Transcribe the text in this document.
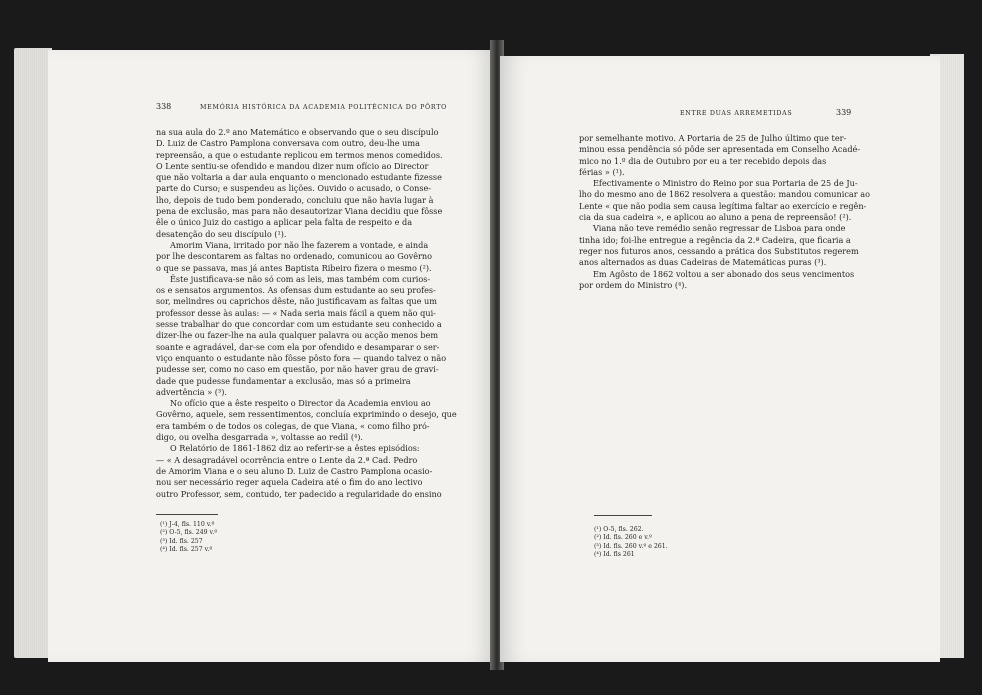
338	MEMÓRIA HISTÓRICA DA ACADEMIA POLITÉCNICA DO PÔRTO
na sua aula do 2.º ano Matemático e observando que o seu discípulo
D. Luiz de Castro Pamplona conversava com outro, deu-lhe uma
repreensão, a que o estudante replicou em termos menos comedidos.
O Lente sentiu-se ofendido e mandou dizer num ofício ao Director
que não voltaria a dar aula enquanto o mencionado estudante fizesse
parte do Curso; e suspendeu as lições. Ouvido o acusado, o Conse-
lho, depois de tudo bem ponderado, concluiu que não havia lugar à
pena de exclusão, mas para não desautorizar Viana decidiu que fôsse
êle o único Juiz do castigo a aplicar pela falta de respeito e da
desatenção do seu discípulo (¹).
Amorim Viana, irritado por não lhe fazerem a vontade, e ainda
por lhe descontarem as faltas no ordenado, comunicou ao Govêrno
o que se passava, mas já antes Baptista Ribeiro fizera o mesmo (²).
Êste justificava-se não só com as leis, mas também com curios-
os e sensatos argumentos. As ofensas dum estudante ao seu profes-
sor, melindres ou caprichos dêste, não justificavam as faltas que um
professor desse às aulas: — « Nada seria mais fácil a quem não qui-
sesse trabalhar do que concordar com um estudante seu conhecido a
dizer-lhe ou fazer-lhe na aula qualquer palavra ou acção menos bem
soante e agradável, dar-se com ela por ofendido e desamparar o ser-
viço enquanto o estudante não fôsse pôsto fora — quando talvez o não
pudesse ser, como no caso em questão, por não haver grau de gravi-
dade que pudesse fundamentar a exclusão, mas só a primeira
advertência » (³).
No ofício que a êste respeito o Director da Academia enviou ao
Govêrno, aquele, sem ressentimentos, concluía exprimindo o desejo, que
era também o de todos os colegas, de que Viana, « como filho pró-
digo, ou ovelha desgarrada », voltasse ao redil (⁴).
O Relatório de 1861-1862 diz ao referir-se a êstes episódios:
— « A desagradável ocorrência entre o Lente da 2.ª Cad. Pedro
de Amorim Viana e o seu aluno D. Luiz de Castro Pamplona ocasio-
nou ser necessário reger aquela Cadeira até o fim do ano lectivo
outro Professor, sem, contudo, ter padecido a regularidade do ensino
(¹) J-4, fls. 110 v.º
(²) O-5, fls. 249 v.º
(³) Id. fls. 257
(⁴) Id. fls. 257 v.º
ENTRE DUAS ARREMETIDAS	339
por semelhante motivo. A Portaria de 25 de Julho último que ter-
minou essa pendência só pôde ser apresentada em Conselho Acadé-
mico no 1.º dia de Outubro por eu a ter recebido depois das
férias » (¹).
Efectivamente o Ministro do Reino por sua Portaria de 25 de Ju-
lho do mesmo ano de 1862 resolvera a questão: mandou comunicar ao
Lente « que não podia sem causa legítima faltar ao exercício e regên-
cia da sua cadeira », e aplicou ao aluno a pena de repreensão! (²).
Viana não teve remédio senão regressar de Lisboa para onde
tinha ido; foi-lhe entregue a regência da 2.ª Cadeira, que ficaria a
reger nos futuros anos, cessando a prática dos Substitutos regerem
anos alternados as duas Cadeiras de Matemáticas puras (³).
Em Agôsto de 1862 voltou a ser abonado dos seus vencimentos
por ordem do Ministro (⁴).
(¹) O-5, fls. 262.
(²) Id. fls. 260 e v.º
(³) Id. fls. 260 v.º e 261.
(⁴) Id. fls 261
